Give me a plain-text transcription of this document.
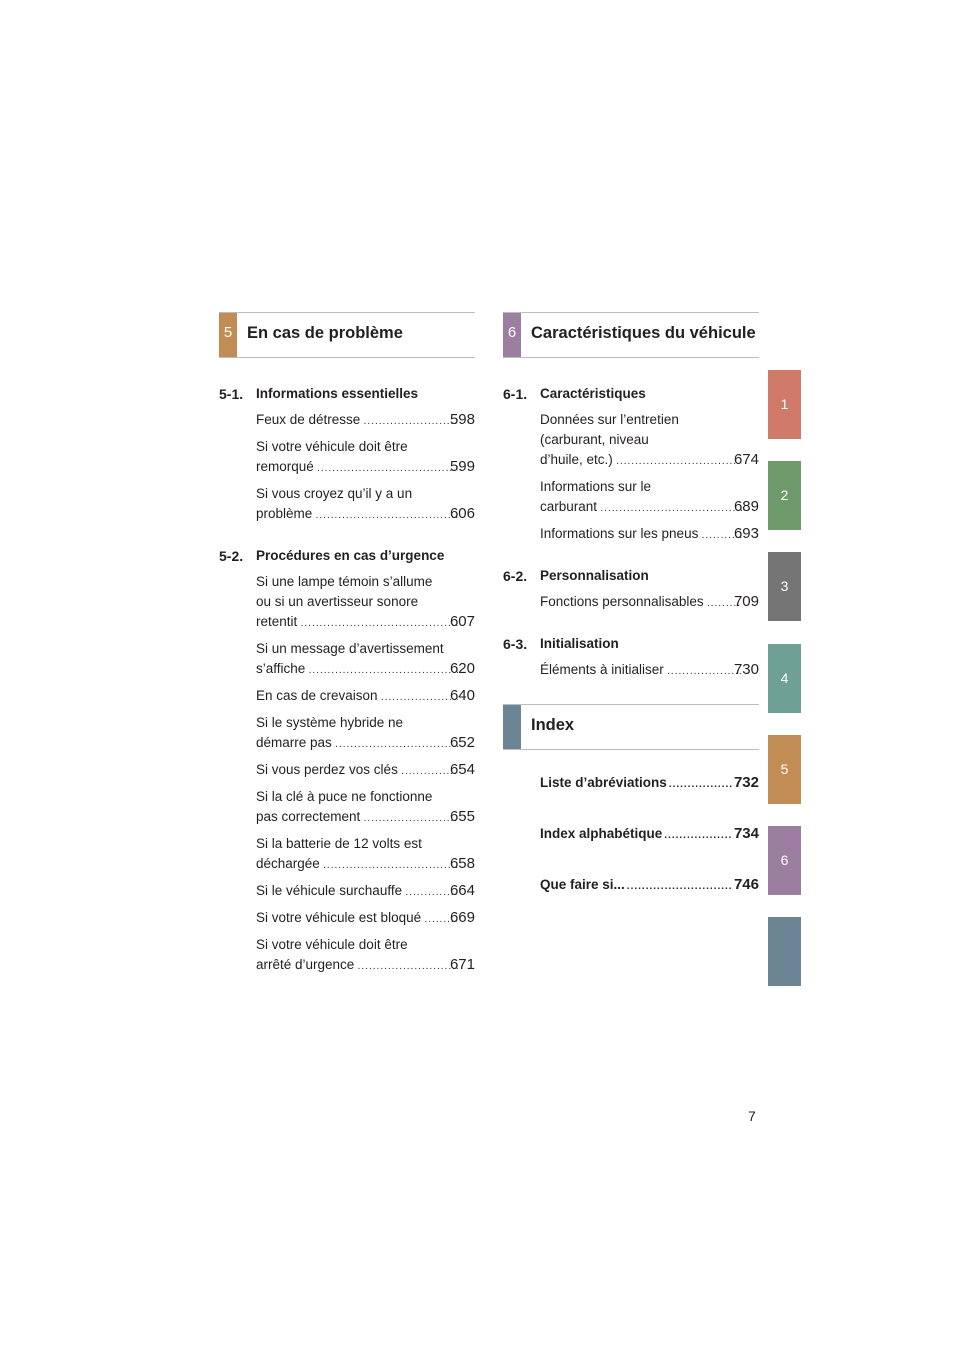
5 En cas de problème
5-1. Informations essentielles
Feux de détresse .....	598
Si votre véhicule doit être
remorqué .....	599
Si vous croyez qu’il y a un
problème .....	606
5-2. Procédures en cas d’urgence
Si une lampe témoin s’allume
ou si un avertisseur sonore
retentit .....	607
Si un message d’avertissement
s’affiche .....	620
En cas de crevaison .....	640
Si le système hybride ne
démarre pas .....	652
Si vous perdez vos clés .....	654
Si la clé à puce ne fonctionne
pas correctement .....	655
Si la batterie de 12 volts est
déchargée .....	658
Si le véhicule surchauffe .....	664
Si votre véhicule est bloqué ..... 669
Si votre véhicule doit être
arrêté d’urgence .....	671
6 Caractéristiques du véhicule
6-1. Caractéristiques
Données sur l’entretien
(carburant, niveau
d’huile, etc.) .....	674
Informations sur le
carburant .....	689
Informations sur les pneus ..... 693
6-2. Personnalisation
Fonctions personnalisables ..... 709
6-3. Initialisation
Éléments à initialiser .....	730
Index
Liste d’abréviations .....	732
Index alphabétique .....	734
Que faire si... .....	746
1
2
3
4
5
6
7
